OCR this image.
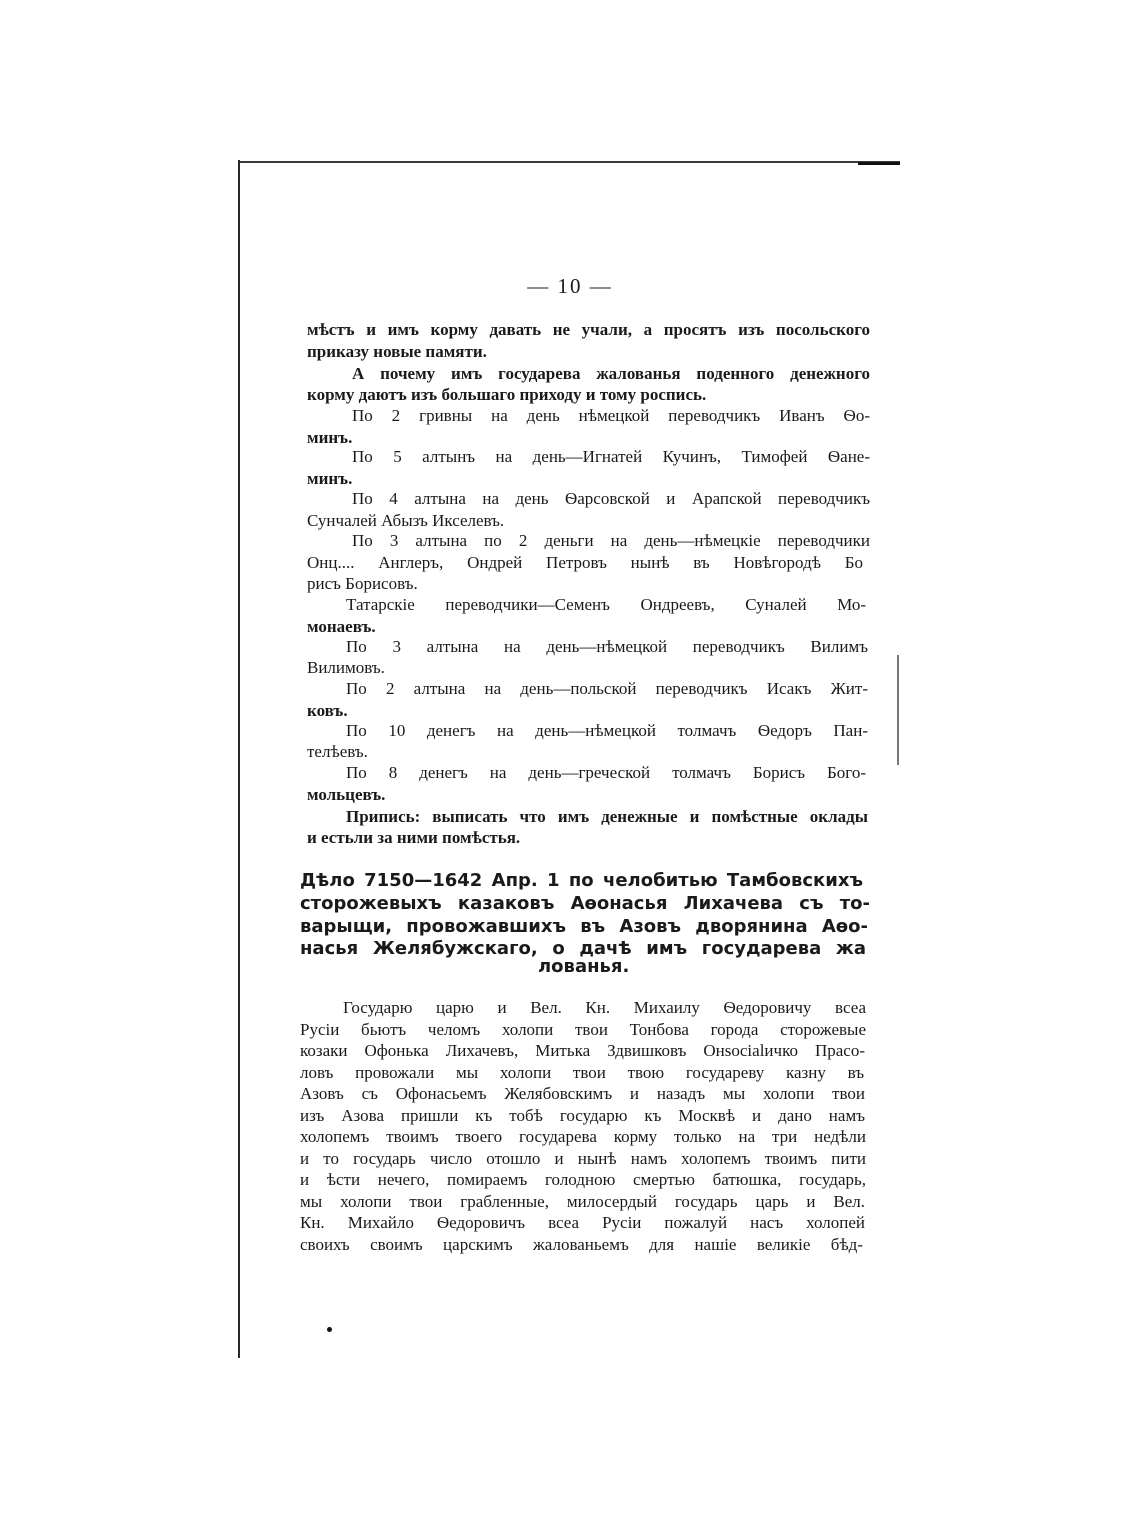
— 10 —
мѣстъ и имъ корму давать не учали, а просятъ изъ посольского
приказу новые памяти.
А почему имъ государева жалованья поденного денежного
корму даютъ изъ большаго приходу и тому роспись.
По 2 гривны на день нѣмецкой переводчикъ Иванъ Ѳо-
минъ.
По 5 алтынъ на день—Игнатей Кучинъ, Тимофей Ѳане-
минъ.
По 4 алтына на день Ѳарсовской и Арапской переводчикъ
Сунчалей Абызъ Икселевъ.
По 3 алтына по 2 деньги на день—нѣмецкіе переводчики
Онц.... Англеръ, Ондрей Петровъ нынѣ въ Новѣгородѣ Бо
рисъ Борисовъ.
Татарскіе переводчики—Семенъ Ондреевъ, Суналей Мо-
монаевъ.
По 3 алтына на день—нѣмецкой переводчикъ Вилимъ
Вилимовъ.
По 2 алтына на день—польской переводчикъ Исакъ Жит-
ковъ.
По 10 денегъ на день—нѣмецкой толмачъ Ѳедоръ Пан-
телѣевъ.
По 8 денегъ на день—греческой толмачъ Борисъ Бого-
мольцевъ.
Припись: выписать что имъ денежные и помѣстные оклады
и естьли за ними помѣстья.
Дѣло 7150—1642 Апр. 1 по челобитью Тамбовскихъ
сторожевыхъ казаковъ Аѳонасья Лихачева съ то-
варыщи, провожавшихъ въ Азовъ дворянина Аѳо-
насья Желябужскаго, о дачѣ имъ государева жа
лованья.
Государю царю и Вел. Кн. Михаилу Ѳедоровичу всеа
Русіи бьютъ челомъ холопи твои Тонбова города сторожевые
козаки Офонька Лихачевъ, Митька Здвишковъ Онsocialичко Прасо-
ловъ провожали мы холопи твои твою государеву казну въ
Азовъ съ Офонасьемъ Желябовскимъ и назадъ мы холопи твои
изъ Азова пришли къ тобѣ государю къ Москвѣ и дано намъ
холопемъ твоимъ твоего государева корму только на три недѣли
и то государь число отошло и нынѣ намъ холопемъ твоимъ пити
и ѣсти нечего, помираемъ голодною смертью батюшка, государь,
мы холопи твои грабленные, милосердый государь царь и Вел.
Кн. Михайло Ѳедоровичъ всеа Русіи пожалуй насъ холопей
своихъ своимъ царскимъ жалованьемъ для нашіе великіе бѣд-
